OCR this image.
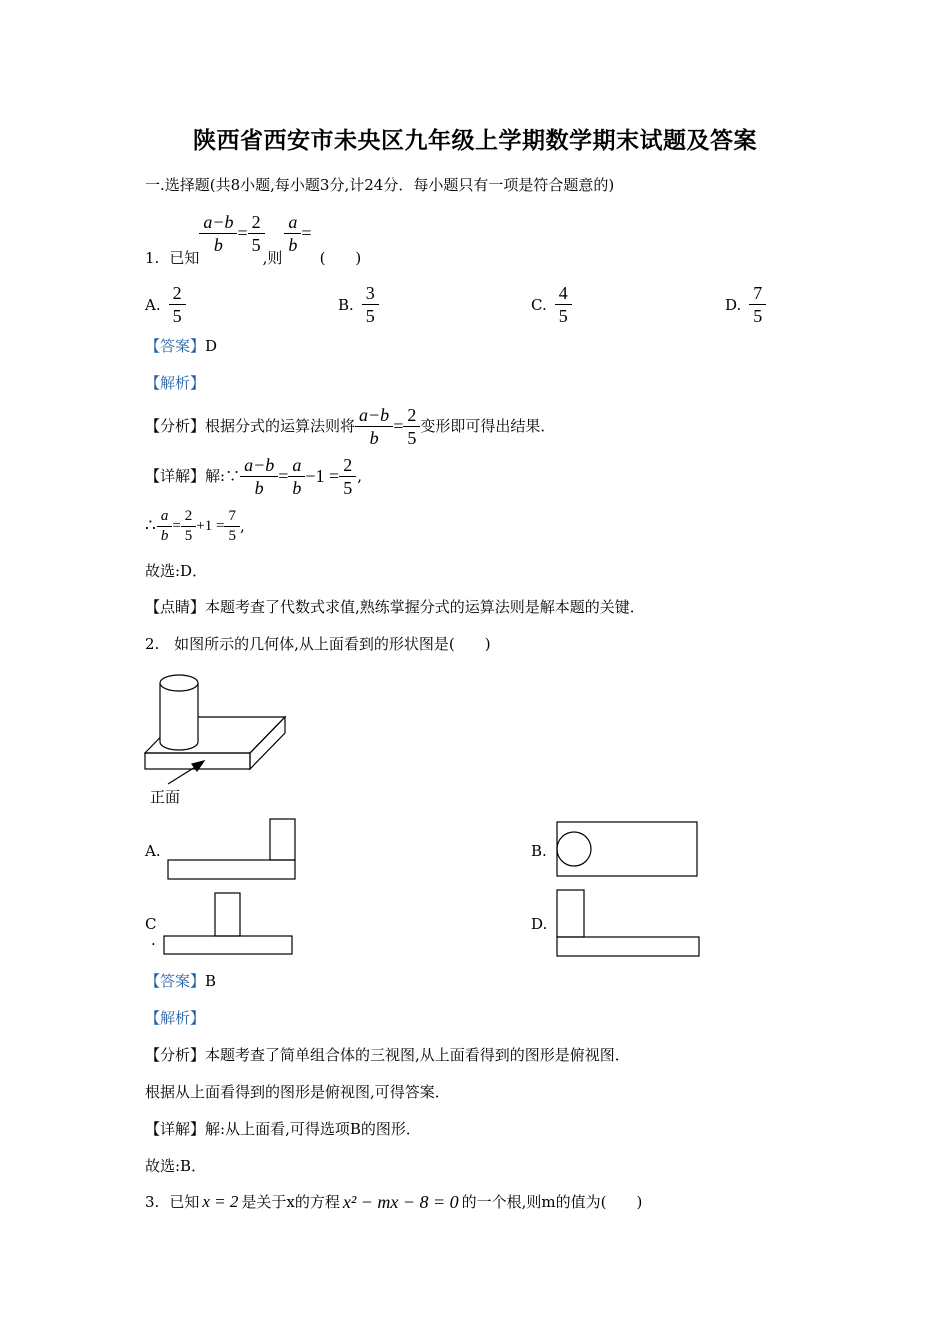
陕西省西安市未央区九年级上学期数学期末试题及答案
一.选择题(共8小题,每小题3分,计24分．每小题只有一项是符合题意的)
1. 已知
$\frac{a-b}{b} = \frac{2}{5}$
,则
$\frac{a}{b}$ =
(　　)
A. $\frac{2}{5}$	B. $\frac{3}{5}$	C. $\frac{4}{5}$	D. $\frac{7}{5}$
【答案】D
【解析】
【分析】 根据分式的运算法则将 $\frac{a-b}{b} = \frac{2}{5}$ 变形即可得出结果．
【详解】 解:∵ $\frac{a-b}{b} = \frac{a}{b} -1 = \frac{2}{5}$ ,
∴ $\frac{a}{b} = \frac{2}{5} +1 = \frac{7}{5}$ ,
故选:D．
【点睛】本题考查了代数式求值,熟练掌握分式的运算法则是解本题的关键．
2. 如图所示的几何体,从上面看到的形状图是(　　)
正面
A.	B.
C
.
D.
【答案】B
【解析】
【分析】本题考查了简单组合体的三视图,从上面看得到的图形是俯视图．
根据从上面看得到的图形是俯视图,可得答案．
【详解】解:从上面看,可得选项B的图形．
故选:B．
3. 已知 x = 2 是关于x的方程 x² − mx − 8 = 0 的一个根,则m的值为(　　)
